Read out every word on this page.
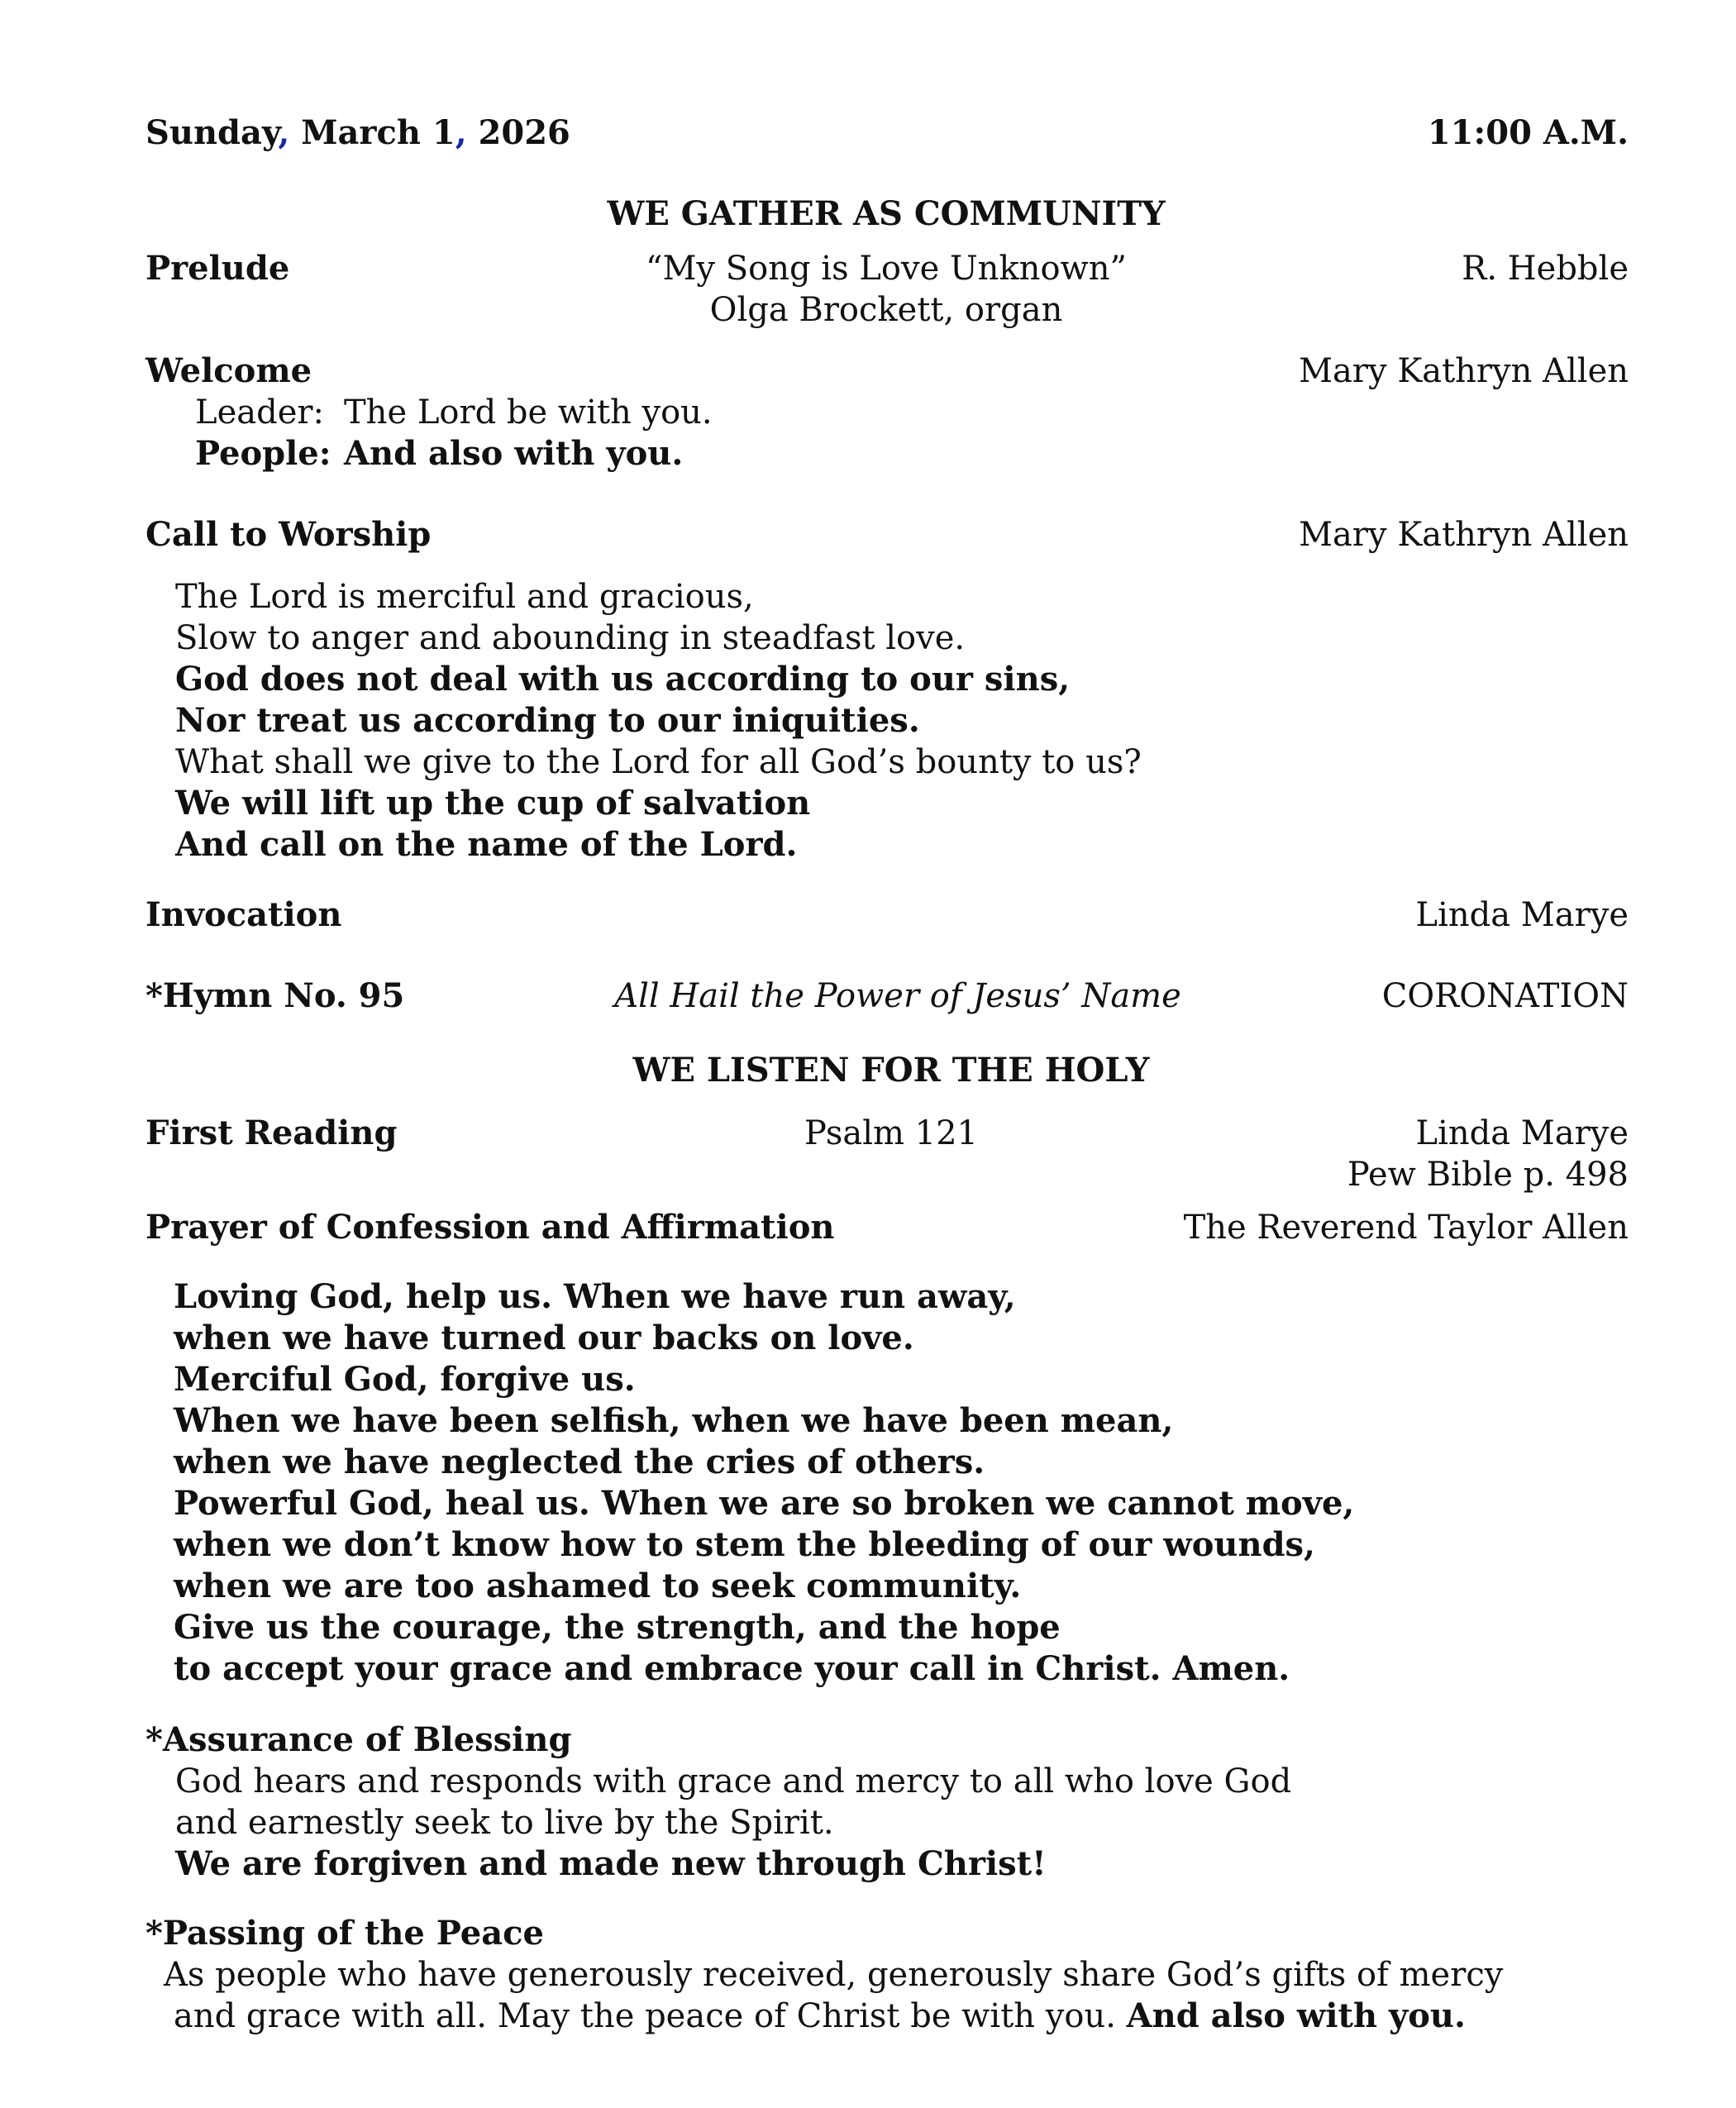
Sunday, March 1, 2026	11:00 A.M.
WE GATHER AS COMMUNITY
Prelude	“My Song is Love Unknown”	R. Hebble
Olga Brockett, organ
Welcome	Mary Kathryn Allen
Leader: The Lord be with you.
People: And also with you.
Call to Worship	Mary Kathryn Allen
The Lord is merciful and gracious,
Slow to anger and abounding in steadfast love.
God does not deal with us according to our sins,
Nor treat us according to our iniquities.
What shall we give to the Lord for all God’s bounty to us?
We will lift up the cup of salvation
And call on the name of the Lord.
Invocation	Linda Marye
*Hymn No. 95	All Hail the Power of Jesus’ Name	CORONATION
WE LISTEN FOR THE HOLY
First Reading	Psalm 121	Linda Marye
Pew Bible p. 498
Prayer of Confession and Affirmation	The Reverend Taylor Allen
Loving God, help us. When we have run away,
when we have turned our backs on love.
Merciful God, forgive us.
When we have been selfish, when we have been mean,
when we have neglected the cries of others.
Powerful God, heal us. When we are so broken we cannot move,
when we don’t know how to stem the bleeding of our wounds,
when we are too ashamed to seek community.
Give us the courage, the strength, and the hope
to accept your grace and embrace your call in Christ. Amen.
*Assurance of Blessing
God hears and responds with grace and mercy to all who love God
and earnestly seek to live by the Spirit.
We are forgiven and made new through Christ!
*Passing of the Peace
As people who have generously received, generously share God’s gifts of mercy
and grace with all. May the peace of Christ be with you. And also with you.
